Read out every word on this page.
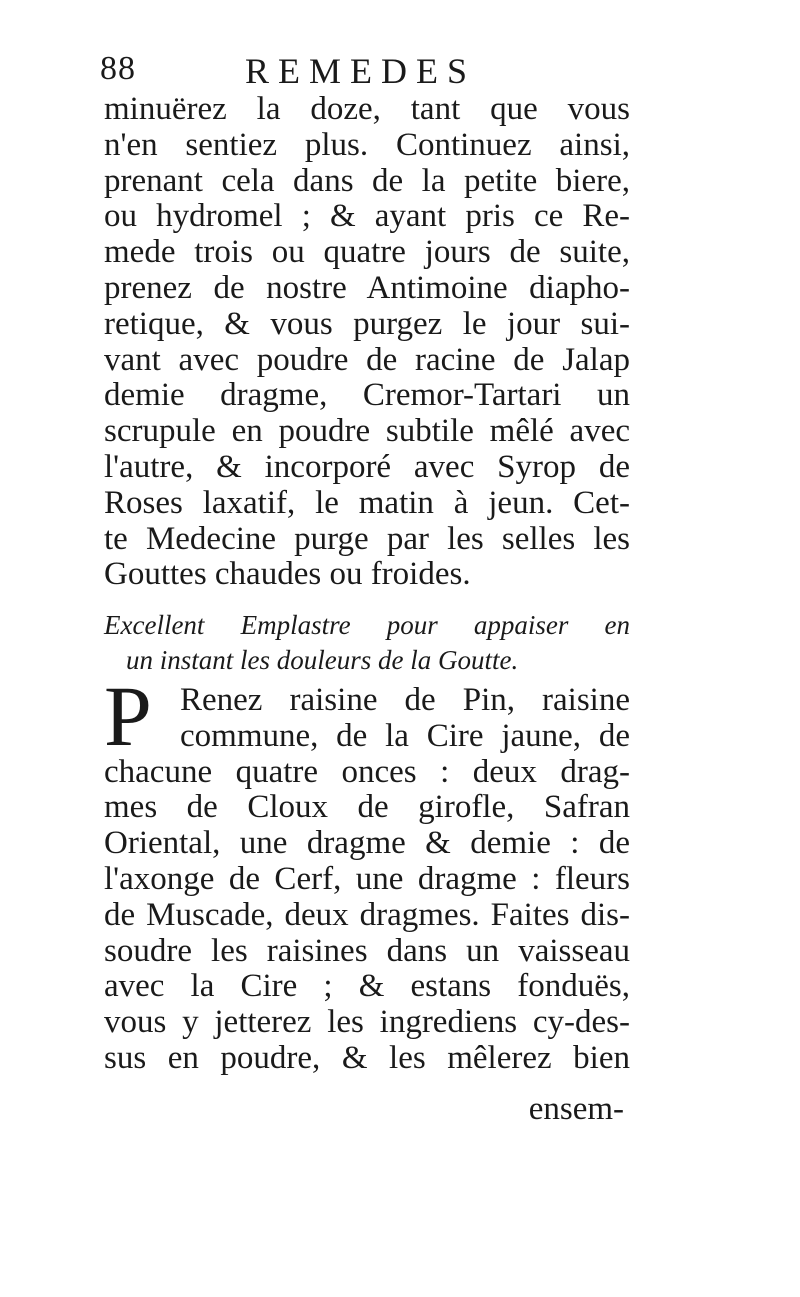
88	REMEDES
minuërez la doze, tant que vous
n'en sentiez plus. Continuez ainsi,
prenant cela dans de la petite biere,
ou hydromel ; & ayant pris ce Re-
mede trois ou quatre jours de suite,
prenez de nostre Antimoine diapho-
retique, & vous purgez le jour sui-
vant avec poudre de racine de Jalap
demie dragme, Cremor-Tartari un
scrupule en poudre subtile mêlé avec
l'autre, & incorporé avec Syrop de
Roses laxatif, le matin à jeun. Cet-
te Medecine purge par les selles les
Gouttes chaudes ou froides.
Excellent Emplastre pour appaiser en
un instant les douleurs de la Goutte.
P Renez raisine de Pin, raisine
commune, de la Cire jaune, de
chacune quatre onces : deux drag-
mes de Cloux de girofle, Safran
Oriental, une dragme & demie : de
l'axonge de Cerf, une dragme : fleurs
de Muscade, deux dragmes. Faites dis-
soudre les raisines dans un vaisseau
avec la Cire ; & estans fonduës,
vous y jetterez les ingrediens cy-des-
sus en poudre, & les mêlerez bien
ensem-
